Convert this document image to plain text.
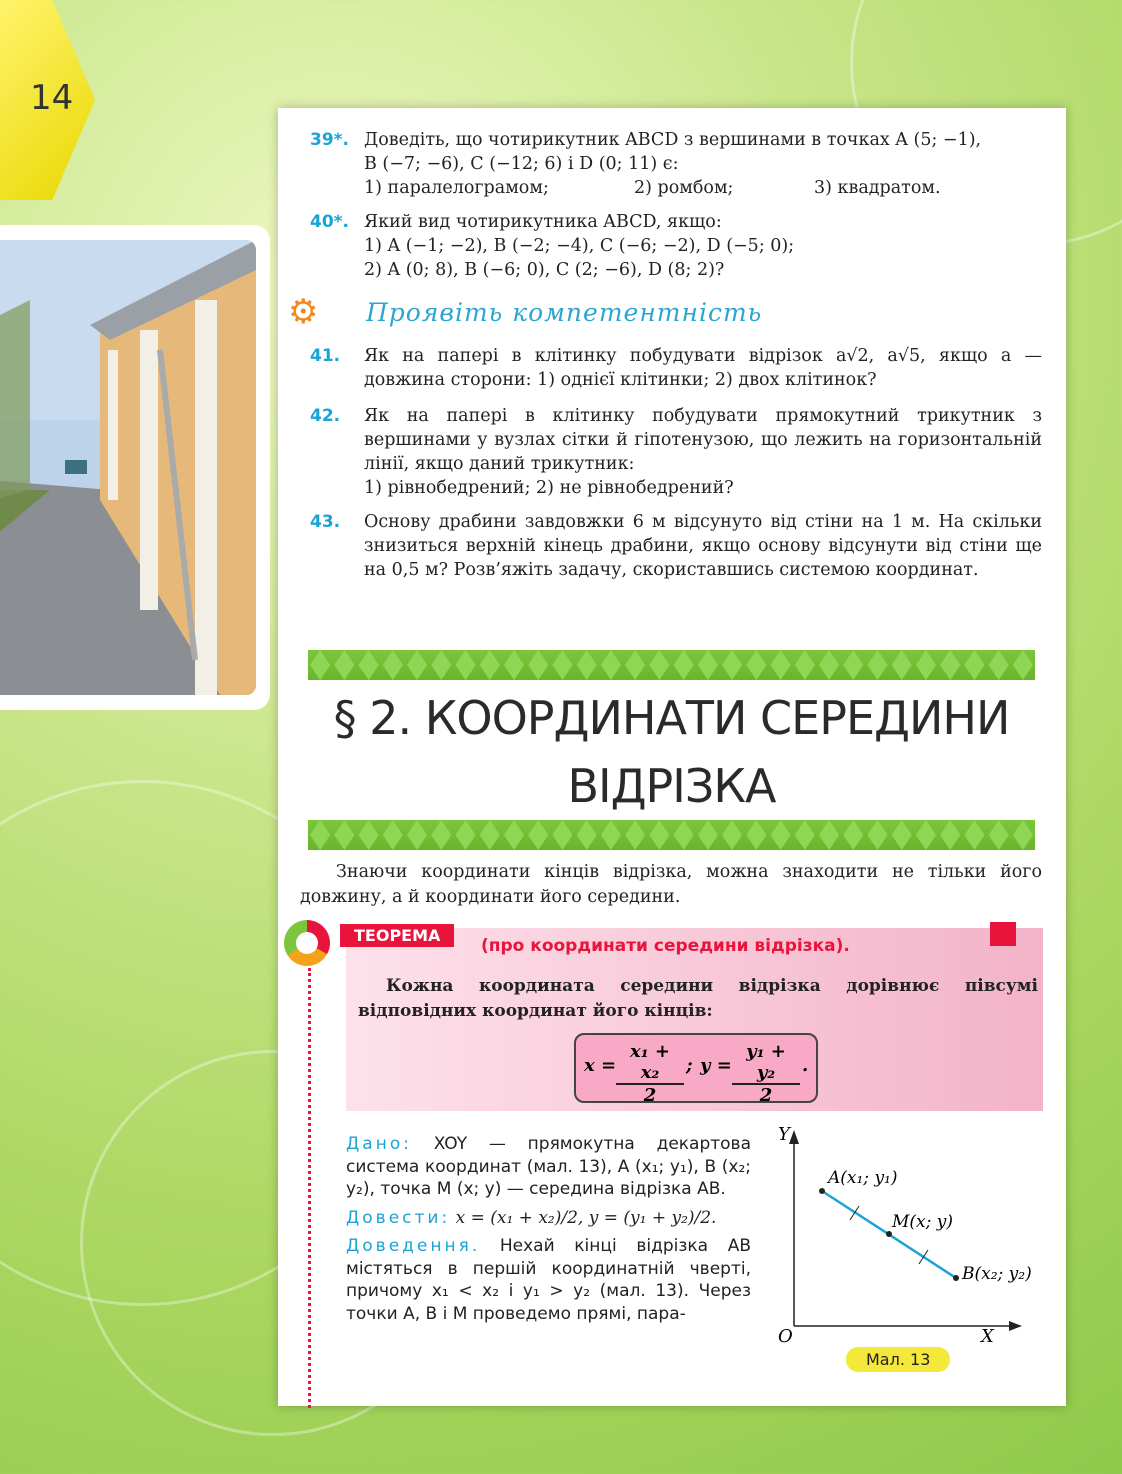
14
39*. Доведіть, що чотирикутник ABCD з вершинами в точках A (5; −1),
B (−7; −6), C (−12; 6) і D (0; 11) є:
1) паралелограмом;	2) ромбом;	3) квадратом.
40*. Який вид чотирикутника ABCD, якщо:
1) A (−1; −2), B (−2; −4), C (−6; −2), D (−5; 0);
2) A (0; 8), B (−6; 0), C (2; −6), D (8; 2)?
⚙ Проявіть компетентність
41. Як на папері в клітинку побудувати відрізок a√2, a√5, якщо a — довжина сторони: 1) однієї клітинки; 2) двох клітинок?
42. Як на папері в клітинку побудувати прямокутний трикутник з вершинами у вузлах сітки й гіпотенузою, що лежить на горизонтальній лінії, якщо даний трикутник:
1) рівнобедрений; 2) не рівнобедрений?
43. Основу драбини завдовжки 6 м відсунуто від стіни на 1 м. На скільки знизиться верхній кінець драбини, якщо основу відсунути від стіни ще на 0,5 м? Розв’яжіть задачу, скориставшись системою координат.
§ 2. КООРДИНАТИ СЕРЕДИНИ
ВІДРІЗКА
Знаючи координати кінців відрізка, можна знаходити не тільки його довжину, а й координати його середини.
ТЕОРЕМА
(про координати середини відрізка).
Кожна координата середини відрізка дорівнює півсумі відповідних координат його кінців:
$x = \frac{\text{x₁ + x₂}}{2}$ ; $y = \frac{\text{y₁ + y₂}}{2}$ .
Дано: XOY — прямокутна декартова система координат (мал. 13), A (x₁; y₁), B (x₂; y₂), точка M (x; y) — середина відрізка AB.
Довести: x = (x₁ + x₂)/2, y = (y₁ + y₂)/2.
Доведення. Нехай кінці відрізка AB містяться в першій координатній чверті, причому x₁ < x₂ і y₁ > y₂ (мал. 13). Через точки A, B і M проведемо прямі, пара-
Y
X
O
A(x₁; y₁)
M(x; y)
B(x₂; y₂)
Мал. 13
